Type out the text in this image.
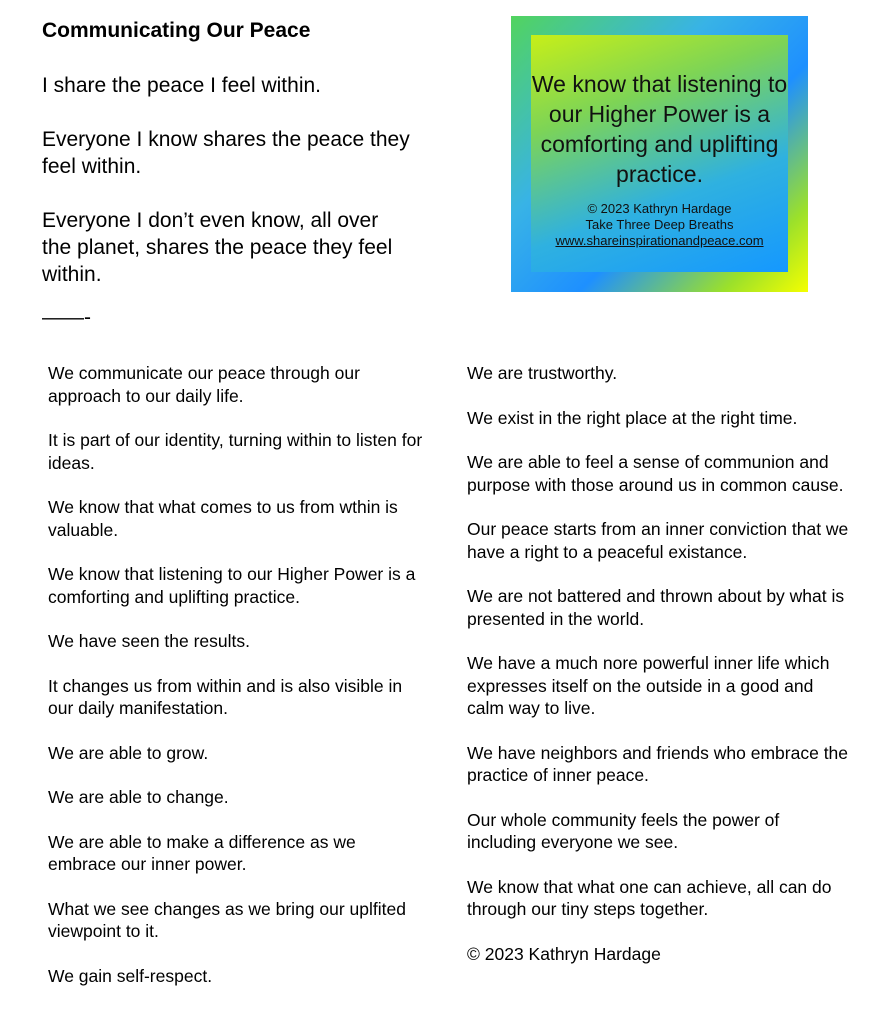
Communicating Our Peace

I share the peace I feel within.

Everyone I know shares the peace they feel within.

Everyone I don’t even know, all over the planet, shares the peace they feel within.

——-

We know that listening to our Higher Power is a comforting and uplifting practice.

© 2023 Kathryn Hardage
Take Three Deep Breaths
www.shareinspirationandpeace.com

We communicate our peace through our approach to our daily life.

It is part of our identity, turning within to listen for ideas.

We know that what comes to us from wthin is valuable.

We know that listening to our Higher Power is a comforting and uplifting practice.

We have seen the results.

It changes us from within and is also visible in our daily manifestation.

We are able to grow.

We are able to change.

We are able to make a difference as we embrace our inner power.

What we see changes as we bring our uplfited viewpoint to it.

We gain self-respect.

We are trustworthy.

We exist in the right place at the right time.

We are able to feel a sense of communion and purpose with those around us in common cause.

Our peace starts from an inner conviction that we have a right to a peaceful existance.

We are not battered and thrown about by what is presented in the world.

We have a much nore powerful inner life which expresses itself on the outside in a good and calm way to live.

We have neighbors and friends who embrace the practice of inner peace.

Our whole community feels the power of including everyone we see.

We know that what one can achieve, all can do through our tiny steps together.

© 2023 Kathryn Hardage
